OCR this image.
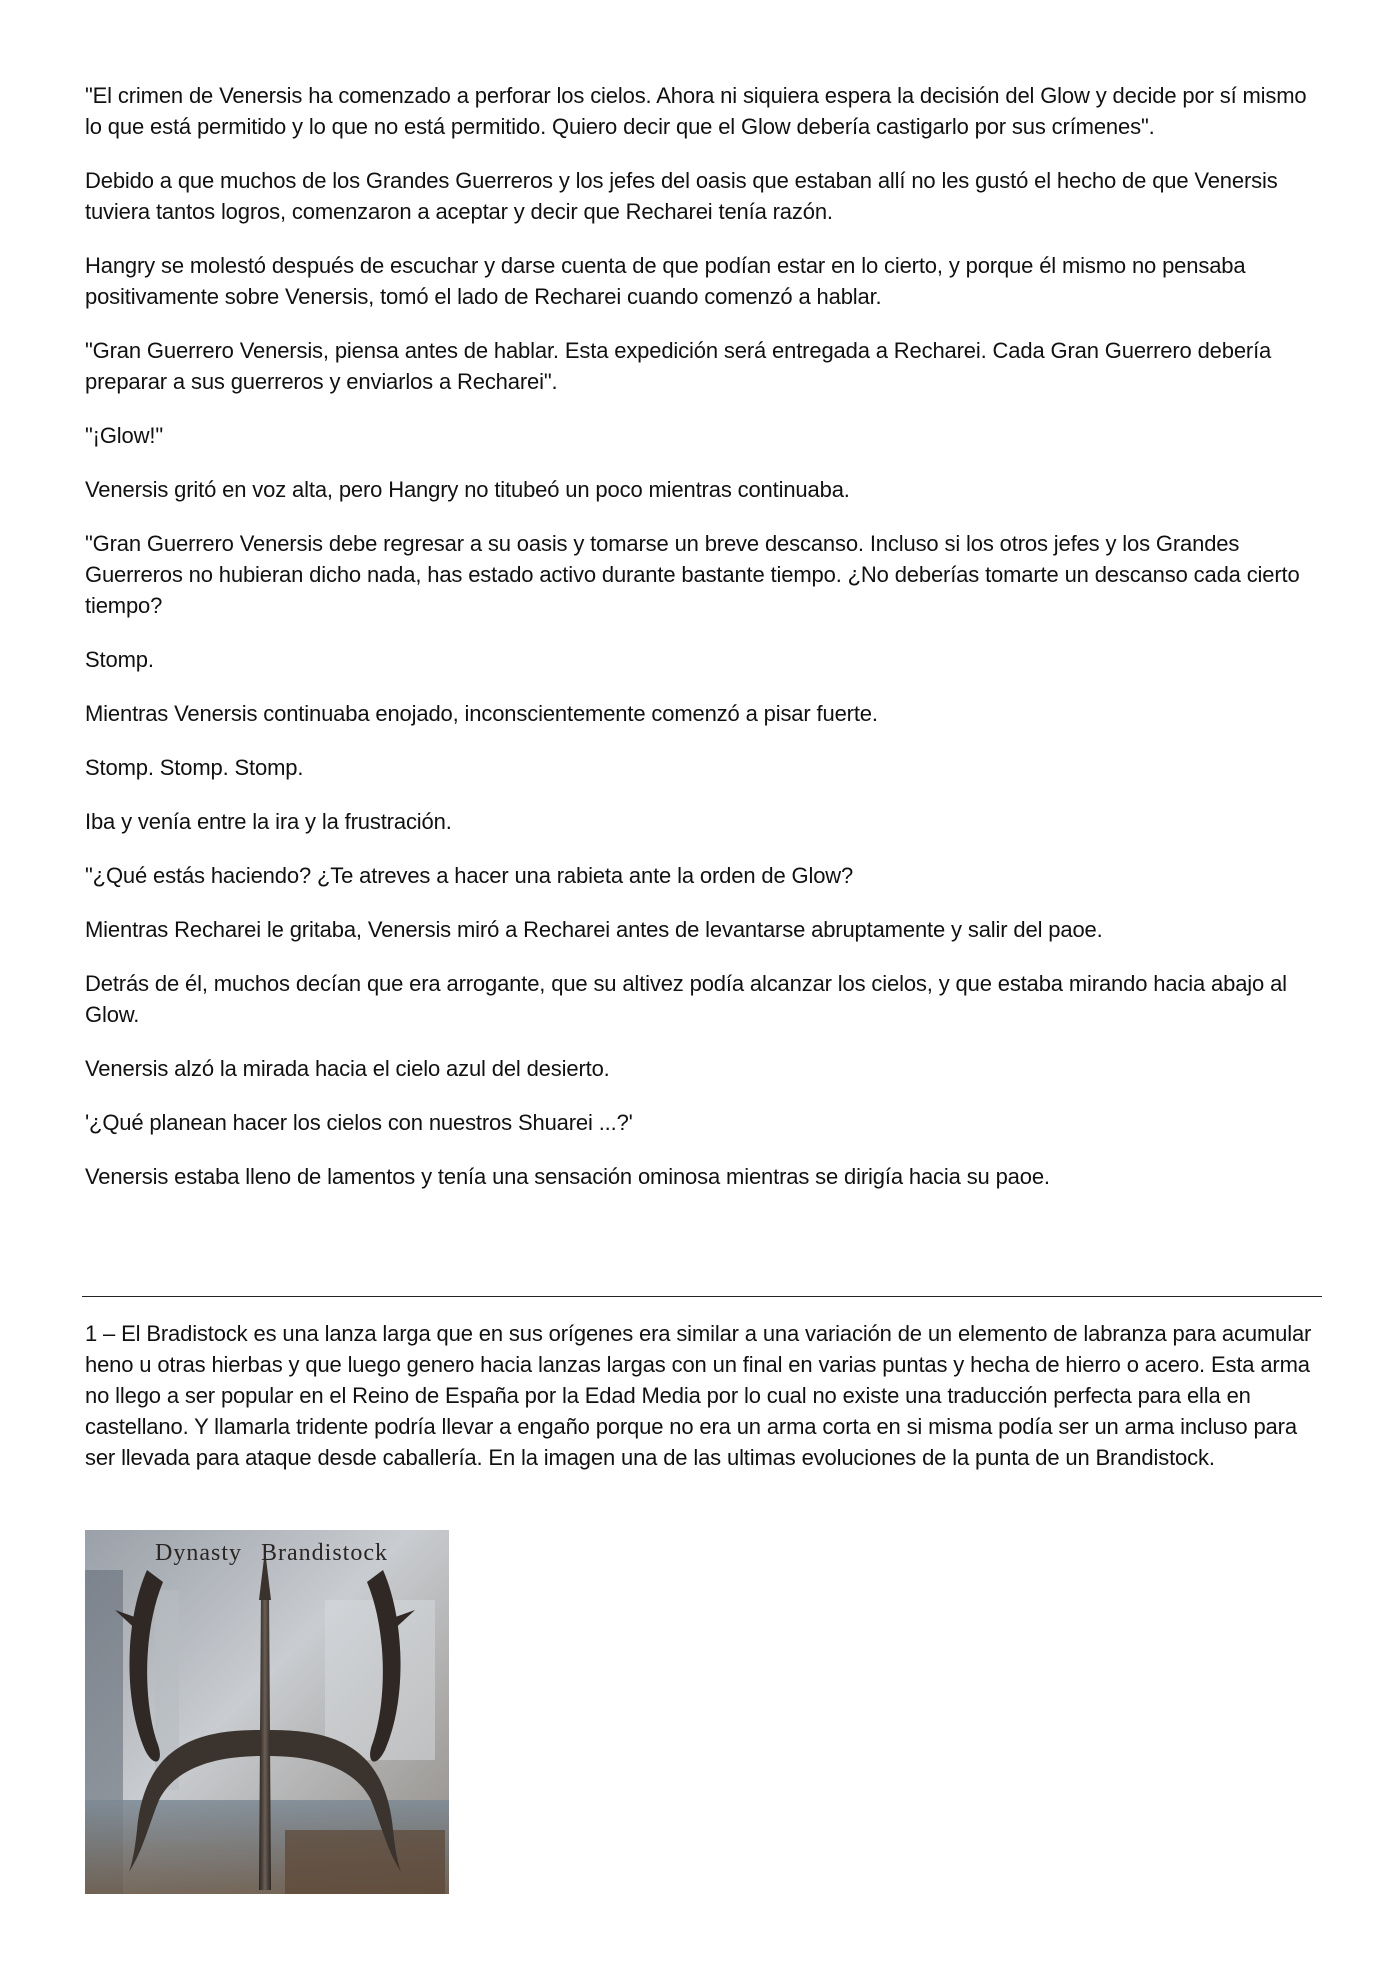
"El crimen de Venersis ha comenzado a perforar los cielos. Ahora ni siquiera espera la decisión del Glow y decide por sí mismo lo que está permitido y lo que no está permitido. Quiero decir que el Glow debería castigarlo por sus crímenes".

Debido a que muchos de los Grandes Guerreros y los jefes del oasis que estaban allí no les gustó el hecho de que Venersis tuviera tantos logros, comenzaron a aceptar y decir que Recharei tenía razón.

Hangry se molestó después de escuchar y darse cuenta de que podían estar en lo cierto, y porque él mismo no pensaba positivamente sobre Venersis, tomó el lado de Recharei cuando comenzó a hablar.

"Gran Guerrero Venersis, piensa antes de hablar. Esta expedición será entregada a Recharei. Cada Gran Guerrero debería preparar a sus guerreros y enviarlos a Recharei".

"¡Glow!"

Venersis gritó en voz alta, pero Hangry no titubeó un poco mientras continuaba.

"Gran Guerrero Venersis debe regresar a su oasis y tomarse un breve descanso. Incluso si los otros jefes y los Grandes Guerreros no hubieran dicho nada, has estado activo durante bastante tiempo. ¿No deberías tomarte un descanso cada cierto tiempo?

Stomp.

Mientras Venersis continuaba enojado, inconscientemente comenzó a pisar fuerte.

Stomp. Stomp. Stomp.

Iba y venía entre la ira y la frustración.

"¿Qué estás haciendo? ¿Te atreves a hacer una rabieta ante la orden de Glow?

Mientras Recharei le gritaba, Venersis miró a Recharei antes de levantarse abruptamente y salir del paoe.

Detrás de él, muchos decían que era arrogante, que su altivez podía alcanzar los cielos, y que estaba mirando hacia abajo al Glow.

Venersis alzó la mirada hacia el cielo azul del desierto.

'¿Qué planean hacer los cielos con nuestros Shuarei ...?'

Venersis estaba lleno de lamentos y tenía una sensación ominosa mientras se dirigía hacia su paoe.

1 – El Bradistock es una lanza larga que en sus orígenes era similar a una variación de un elemento de labranza para acumular heno u otras hierbas y que luego genero hacia lanzas largas con un final en varias puntas y hecha de hierro o acero. Esta arma no llego a ser popular en el Reino de España por la Edad Media por lo cual no existe una traducción perfecta para ella en castellano. Y llamarla tridente podría llevar a engaño porque no era un arma corta en si misma podía ser un arma incluso para ser llevada para ataque desde caballería. En la imagen una de las ultimas evoluciones de la punta de un Brandistock.

Dynasty Brandistock
